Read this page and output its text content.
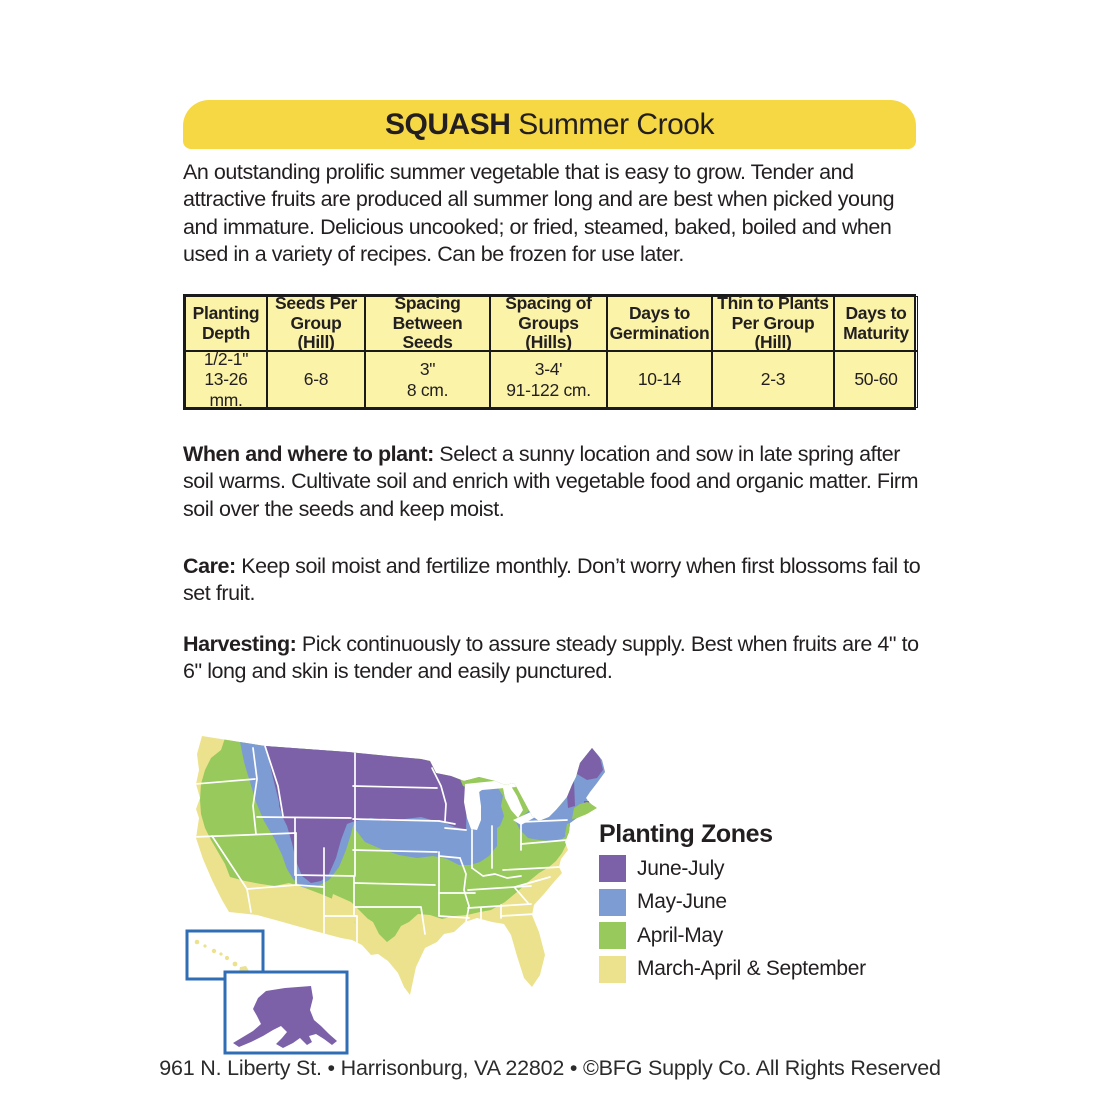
SQUASH Summer Crook
An outstanding prolific summer vegetable that is easy to grow. Tender and attractive fruits are produced all summer long and are best when picked young and immature. Delicious uncooked; or fried, steamed, baked, boiled and when used in a variety of recipes. Can be frozen for use later.
Planting Depth
Seeds Per Group (Hill)
Spacing Between Seeds
Spacing of Groups (Hills)
Days to Germination
Thin to Plants Per Group (Hill)
Days to Maturity
1/2-1"
13-26 mm.
6-8
3"
8 cm.
3-4'
91-122 cm.
10-14	2-3	50-60
When and where to plant: Select a sunny location and sow in late spring after soil warms. Cultivate soil and enrich with vegetable food and organic matter. Firm soil over the seeds and keep moist.
Care: Keep soil moist and fertilize monthly. Don’t worry when first blossoms fail to set fruit.
Harvesting: Pick continuously to assure steady supply. Best when fruits are 4" to 6" long and skin is tender and easily punctured.
Planting Zones
June-July
May-June
April-May
March-April & September
961 N. Liberty St. • Harrisonburg, VA 22802 • ©BFG Supply Co. All Rights Reserved
